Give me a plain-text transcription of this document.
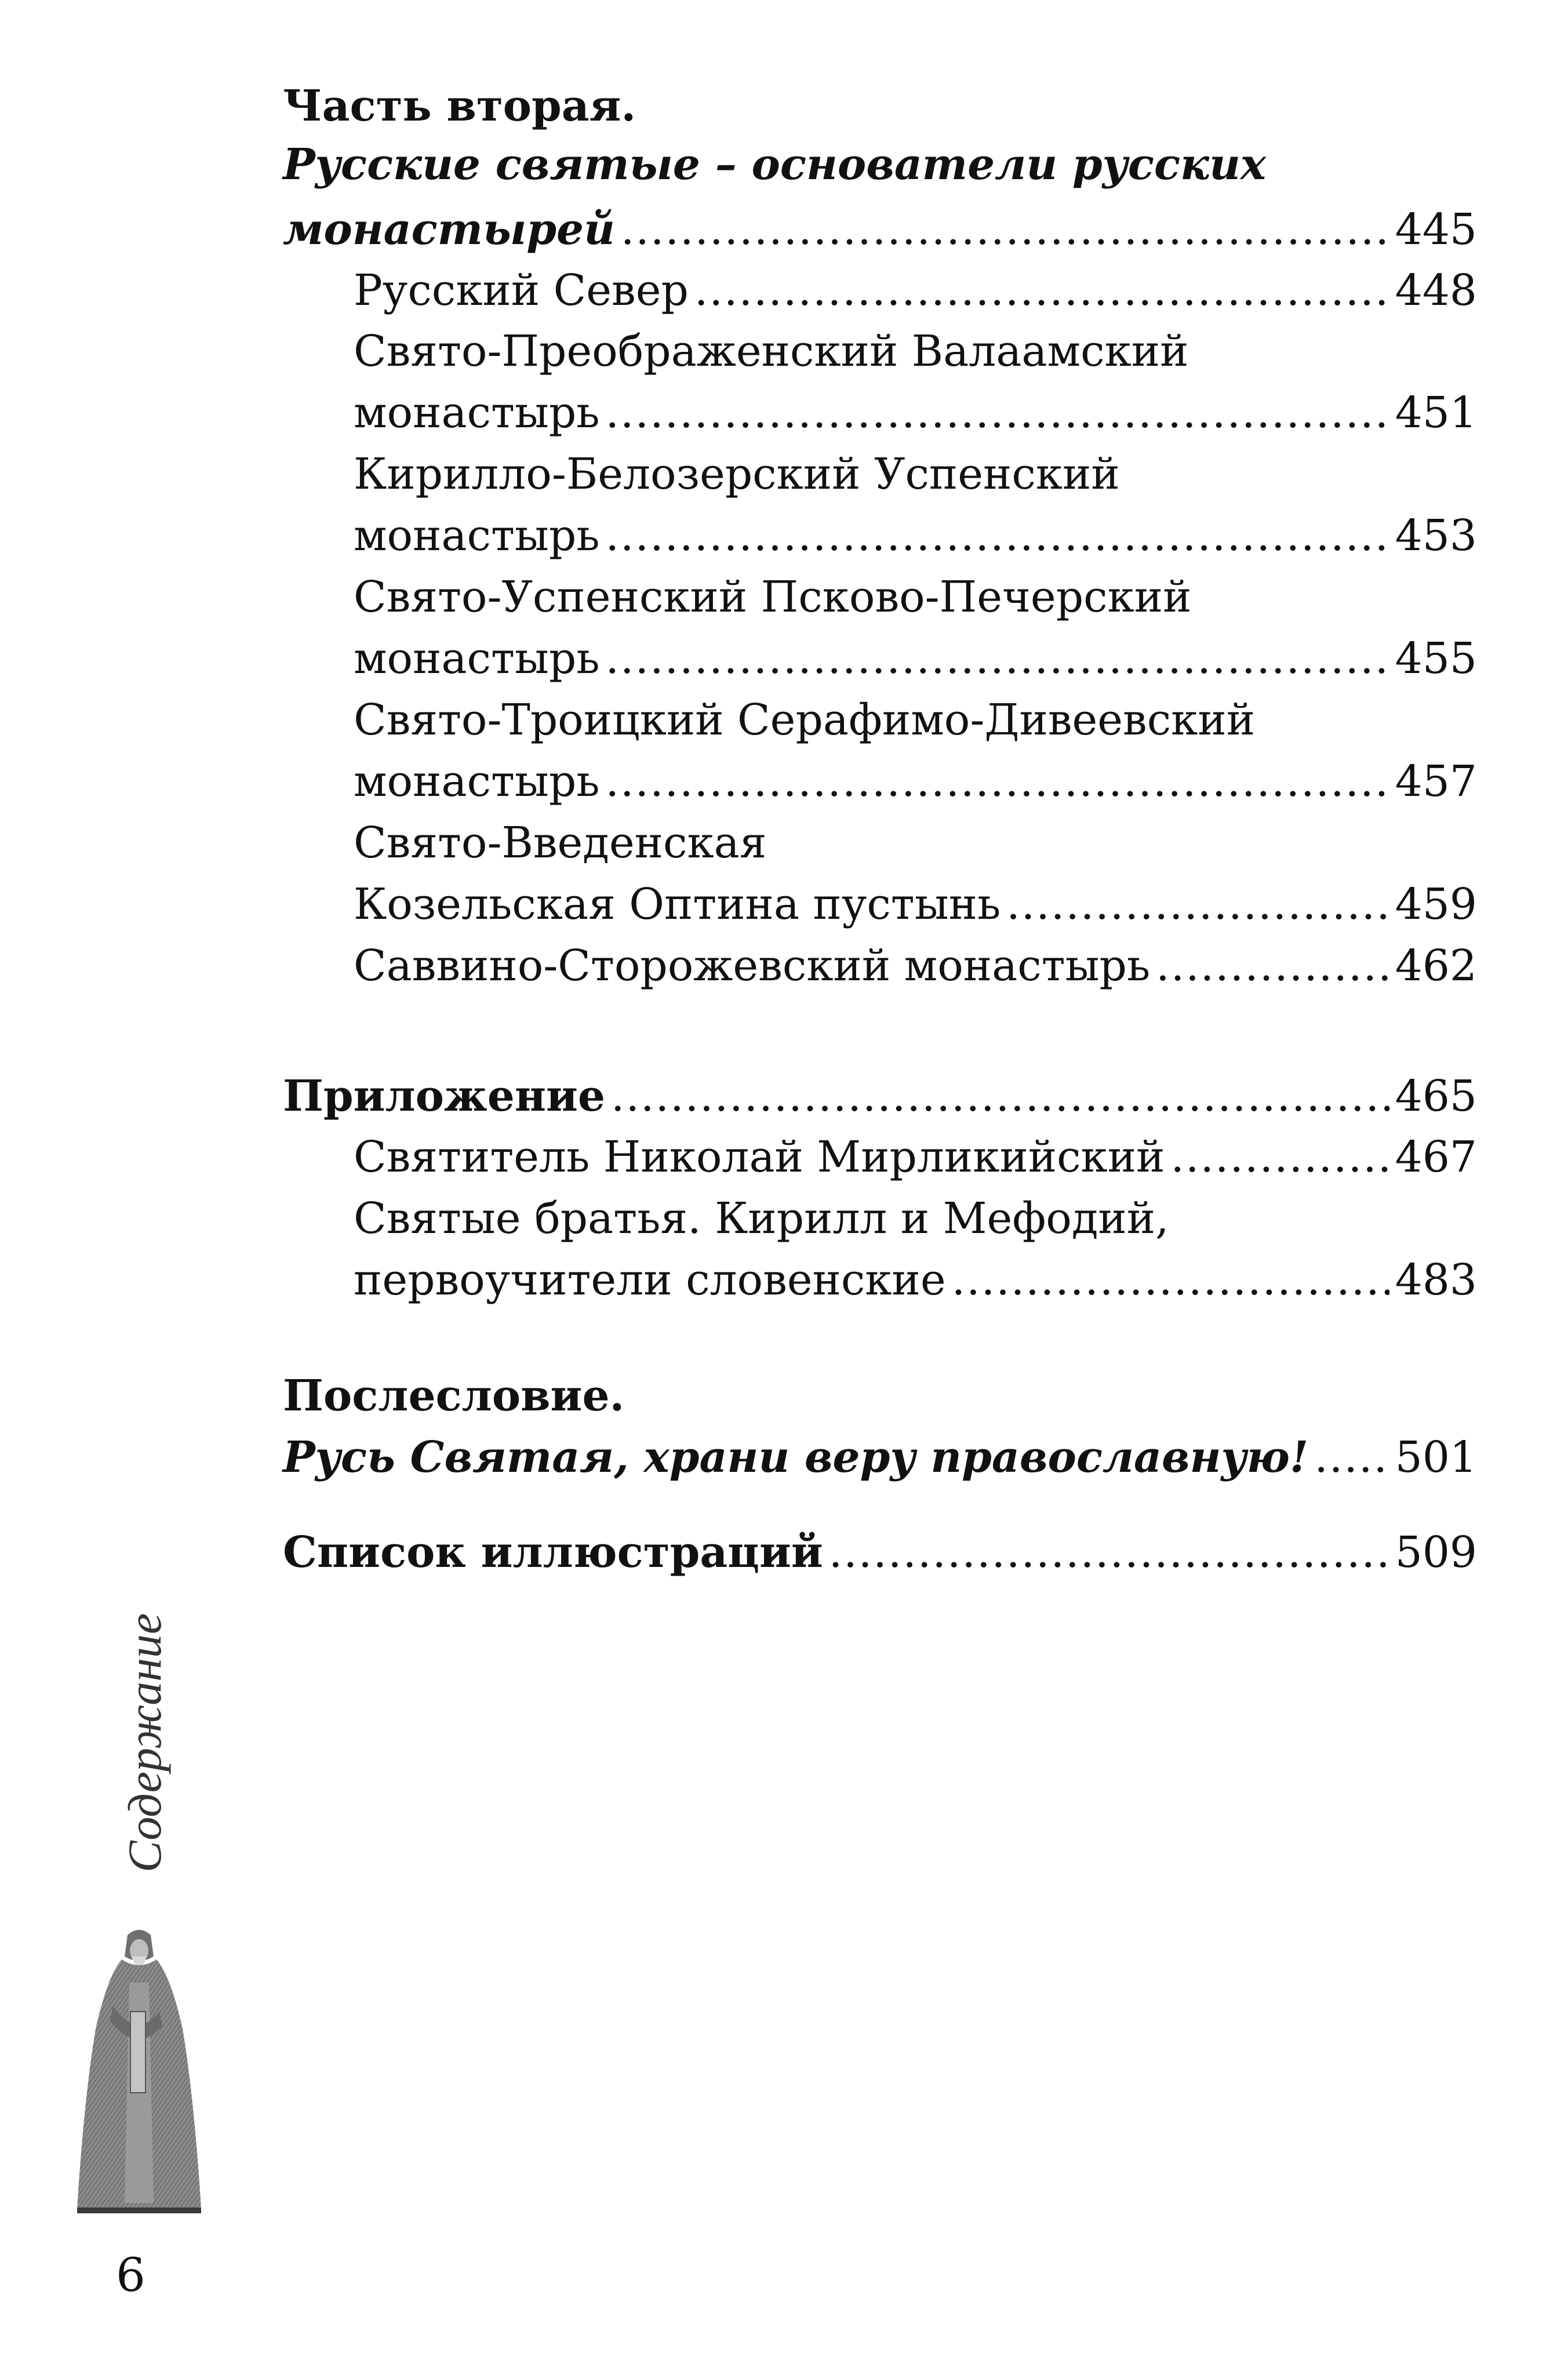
Часть вторая.
Русские святые – основатели русских
монастырей .....	445
Русский Север .....	448
Свято-Преображенский Валаамский
монастырь .....	451
Кирилло-Белозерский Успенский
монастырь .....	453
Свято-Успенский Псково-Печерский
монастырь .....	455
Свято-Троицкий Серафимо-Дивеевский
монастырь .....	457
Свято-Введенская
Козельская Оптина пустынь .....	459
Саввино-Сторожевский монастырь .....	462
Приложение .....	465
Святитель Николай Мирликийский .....	467
Святые братья. Кирилл и Мефодий,
первоучители словенские .....	483
Послесловие.
Русь Святая, храни веру православную! ..... 501
Список иллюстраций .....	509
Содержание
6
